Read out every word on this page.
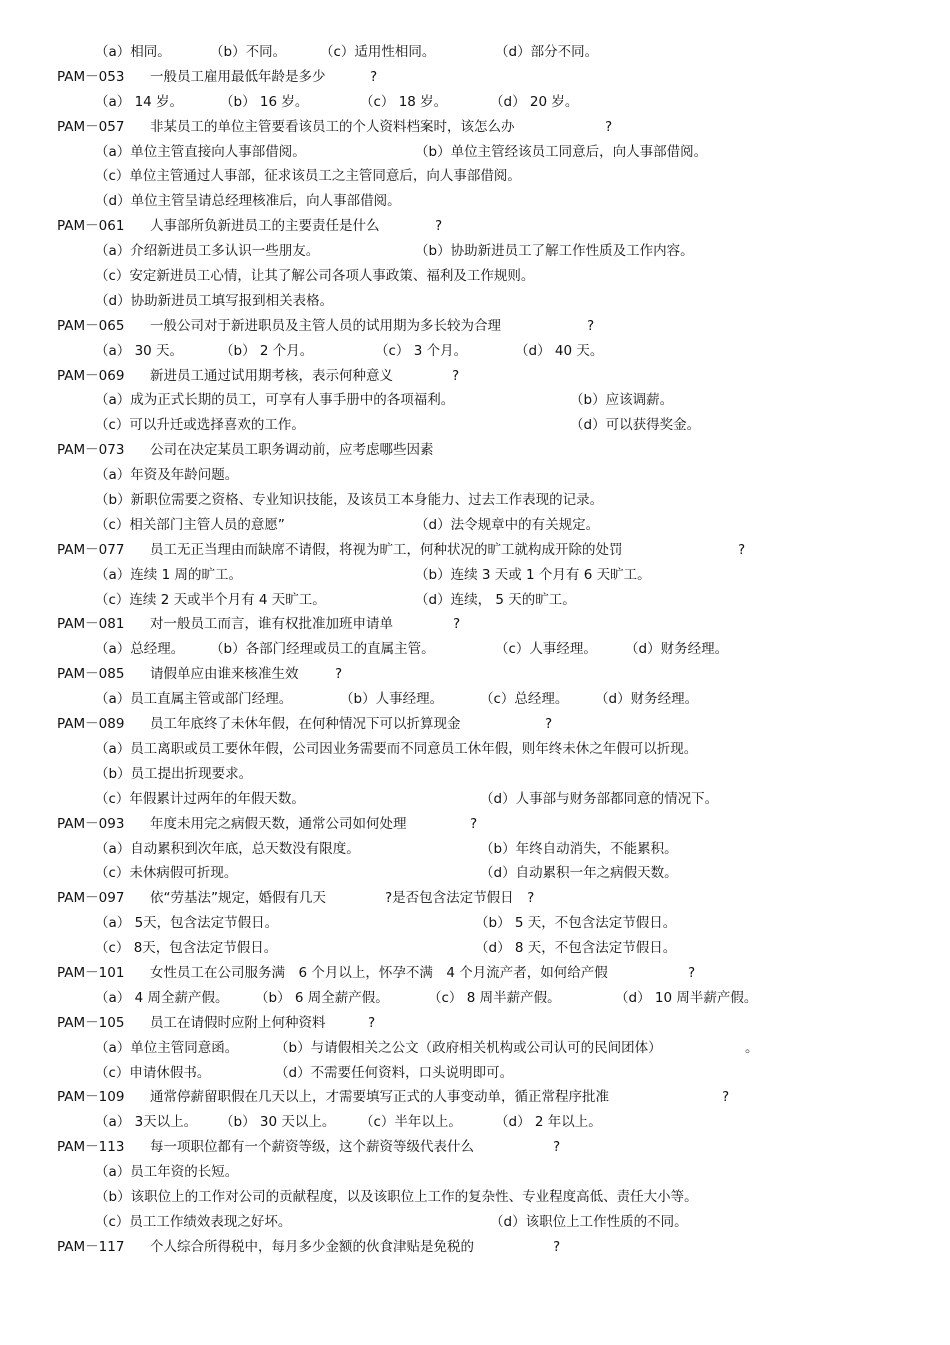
（a）相同。	（b）不同。	（c）适用性相同。	（d）部分不同。
PAM－053 一般员工雇用最低年龄是多少	?
（a） 14 岁。	（b） 16 岁。	（c） 18 岁。	（d） 20 岁。
PAM－057 非某员工的单位主管要看该员工的个人资料档案时，该怎么办	?
（a）单位主管直接向人事部借阅。	（b）单位主管经该员工同意后，向人事部借阅。
（c）单位主管通过人事部，征求该员工之主管同意后，向人事部借阅。
（d）单位主管呈请总经理核准后，向人事部借阅。
PAM－061 人事部所负新进员工的主要责任是什么	?
（a）介绍新进员工多认识一些朋友。	（b）协助新进员工了解工作性质及工作内容。
（c）安定新进员工心情，让其了解公司各项人事政策、福利及工作规则。
（d）协助新进员工填写报到相关表格。
PAM－065 一般公司对于新进职员及主管人员的试用期为多长较为合理	?
（a） 30 天。	（b） 2 个月。	（c） 3 个月。	（d） 40 天。
PAM－069 新进员工通过试用期考核，表示何种意义	?
（a）成为正式长期的员工，可享有人事手册中的各项福利。	（b）应该调薪。
（c）可以升迁或选择喜欢的工作。	（d）可以获得奖金。
PAM－073 公司在决定某员工职务调动前，应考虑哪些因素
（a）年资及年龄问题。
（b）新职位需要之资格、专业知识技能，及该员工本身能力、过去工作表现的记录。
（c）相关部门主管人员的意愿”	（d）法令规章中的有关规定。
PAM－077 员工无正当理由而缺席不请假，将视为旷工，何种状况的旷工就构成开除的处罚	?
（a）连续 1 周的旷工。	（b）连续 3 天或 1 个月有 6 天旷工。
（c）连续 2 天或半个月有 4 天旷工。	（d）连续， 5 天的旷工。
PAM－081 对一般员工而言，谁有权批准加班申请单	?
（a）总经理。 （b）各部门经理或员工的直属主管。	（c）人事经理。 （d）财务经理。
PAM－085 请假单应由谁来核准生效	?
（a）员工直属主管或部门经理。	（b）人事经理。	（c）总经理。 （d）财务经理。
PAM－089 员工年底终了未休年假，在何种情况下可以折算现金	?
（a）员工离职或员工要休年假，公司因业务需要而不同意员工休年假，则年终未休之年假可以折现。
（b）员工提出折现要求。
（c）年假累计过两年的年假天数。	（d）人事部与财务部都同意的情况下。
PAM－093 年度未用完之病假天数，通常公司如何处理	?
（a）自动累积到次年底，总天数没有限度。	（b）年终自动消失，不能累积。
（c）未休病假可折现。	（d）自动累积一年之病假天数。
PAM－097 依“劳基法”规定，婚假有几天	?是否包含法定节假日　?
（a） 5天，包含法定节假日。	（b） 5 天，不包含法定节假日。
（c） 8天，包含法定节假日。	（d） 8 天，不包含法定节假日。
PAM－101 女性员工在公司服务满　6 个月以上，怀孕不满　4 个月流产者，如何给产假	?
（a） 4 周全薪产假。 （b） 6 周全薪产假。	（c） 8 周半薪产假。	（d） 10 周半薪产假。
PAM－105 员工在请假时应附上何种资料	?
（a）单位主管同意函。	（b）与请假相关之公文（政府相关机构或公司认可的民间团体）	。
（c）申请休假书。	（d）不需要任何资料，口头说明即可。
PAM－109 通常停薪留职假在几天以上，才需要填写正式的人事变动单，循正常程序批准	?
（a） 3天以上。 （b） 30 天以上。 （c）半年以上。 （d） 2 年以上。
PAM－113 每一项职位都有一个薪资等级，这个薪资等级代表什么	?
（a）员工年资的长短。
（b）该职位上的工作对公司的贡献程度，以及该职位上工作的复杂性、专业程度高低、责任大小等。
（c）员工工作绩效表现之好坏。	（d）该职位上工作性质的不同。
PAM－117 个人综合所得税中，每月多少金额的伙食津贴是免税的	?
